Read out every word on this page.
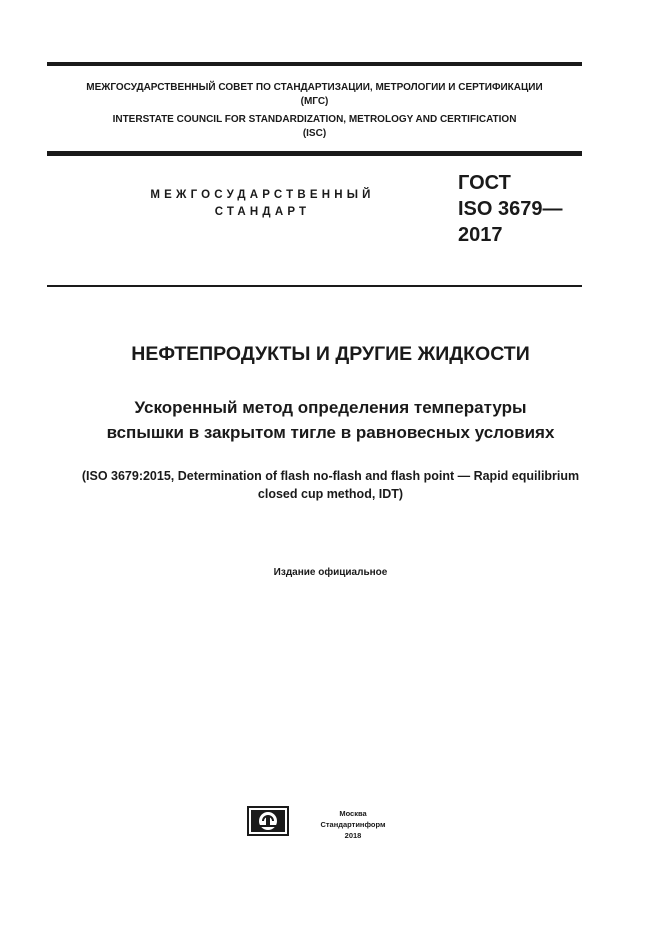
МЕЖГОСУДАРСТВЕННЫЙ СОВЕТ ПО СТАНДАРТИЗАЦИИ, МЕТРОЛОГИИ И СЕРТИФИКАЦИИ
(МГС)
INTERSTATE COUNCIL FOR STANDARDIZATION, METROLOGY AND CERTIFICATION
(ISC)
МЕЖГОСУДАРСТВЕННЫЙ
СТАНДАРТ
ГОСТ
ISO 3679—
2017
НЕФТЕПРОДУКТЫ И ДРУГИЕ ЖИДКОСТИ
Ускоренный метод определения температуры
вспышки в закрытом тигле в равновесных условиях
(ISO 3679:2015, Determination of flash no-flash and flash point — Rapid equilibrium
closed cup method, IDT)
Издание официальное
Москва
Стандартинформ
2018
